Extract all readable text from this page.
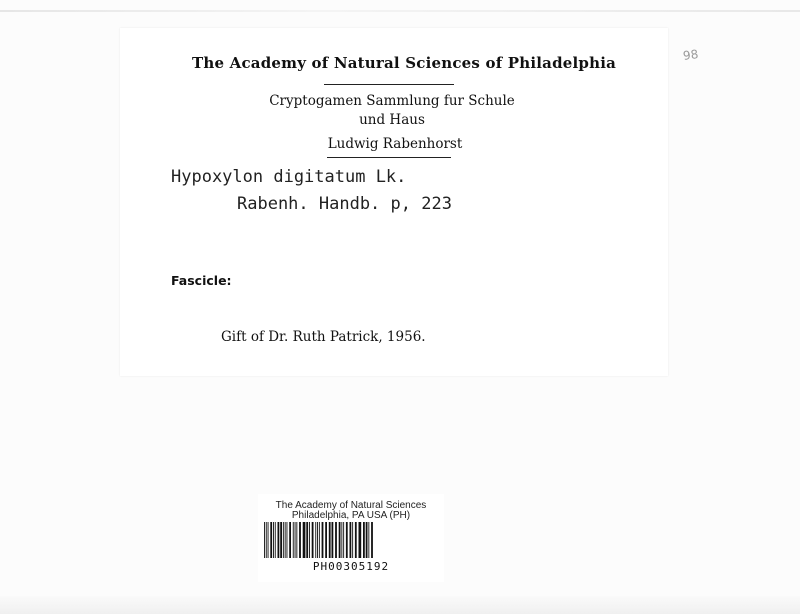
The Academy of Natural Sciences of Philadelphia
Cryptogamen Sammlung fur Schule
und Haus
Ludwig Rabenhorst
Hypoxylon digitatum Lk.
Rabenh. Handb. p, 223
Fascicle:
Gift of Dr. Ruth Patrick, 1956.
98
The Academy of Natural Sciences
Philadelphia, PA USA (PH)
PH00305192
